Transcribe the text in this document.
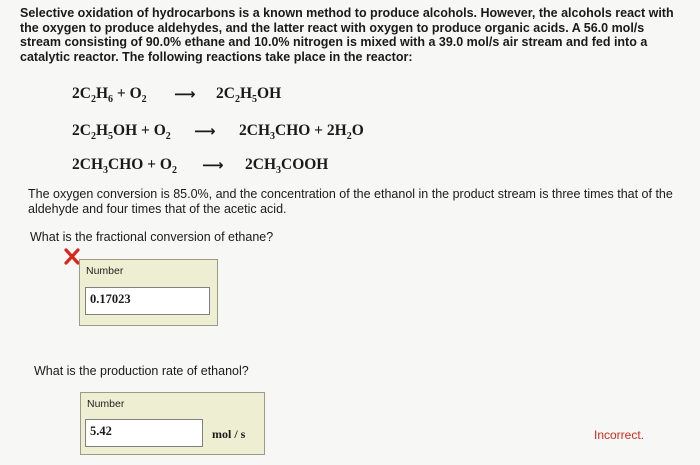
Selective oxidation of hydrocarbons is a known method to produce alcohols. However, the alcohols react with the oxygen to produce aldehydes, and the latter react with oxygen to produce organic acids. A 56.0 mol/s stream consisting of 90.0% ethane and 10.0% nitrogen is mixed with a 39.0 mol/s air stream and fed into a catalytic reactor. The following reactions take place in the reactor:
$2C_2H_6 + O_2$ ⟶ $2C_2H_5OH$
$2C_2H_5OH + O_2$ ⟶ $2CH_3CHO + 2H_2O$
$2CH_3CHO + O_2$ ⟶ $2CH_3COOH$
The oxygen conversion is 85.0%, and the concentration of the ethanol in the product stream is three times that of the aldehyde and four times that of the acetic acid.
What is the fractional conversion of ethane?
Number
0.17023
What is the production rate of ethanol?
Number
5.42	mol / s	Incorrect.
